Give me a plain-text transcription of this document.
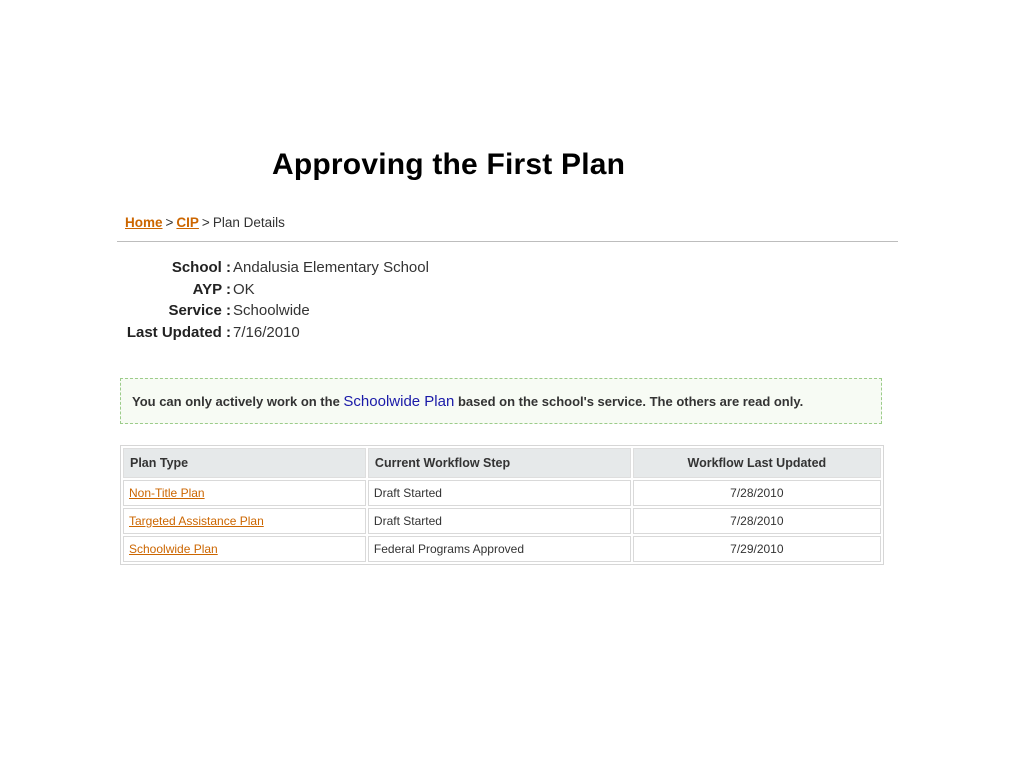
Approving the First Plan
Home > CIP > Plan Details
School : Andalusia Elementary School
AYP : OK
Service : Schoolwide
Last Updated : 7/16/2010
You can only actively work on the Schoolwide Plan based on the school's service. The others are read only.
Plan Type	Current Workflow Step	Workflow Last Updated
Non-Title Plan	Draft Started	7/28/2010
Targeted Assistance Plan	Draft Started	7/28/2010
Schoolwide Plan	Federal Programs Approved	7/29/2010
